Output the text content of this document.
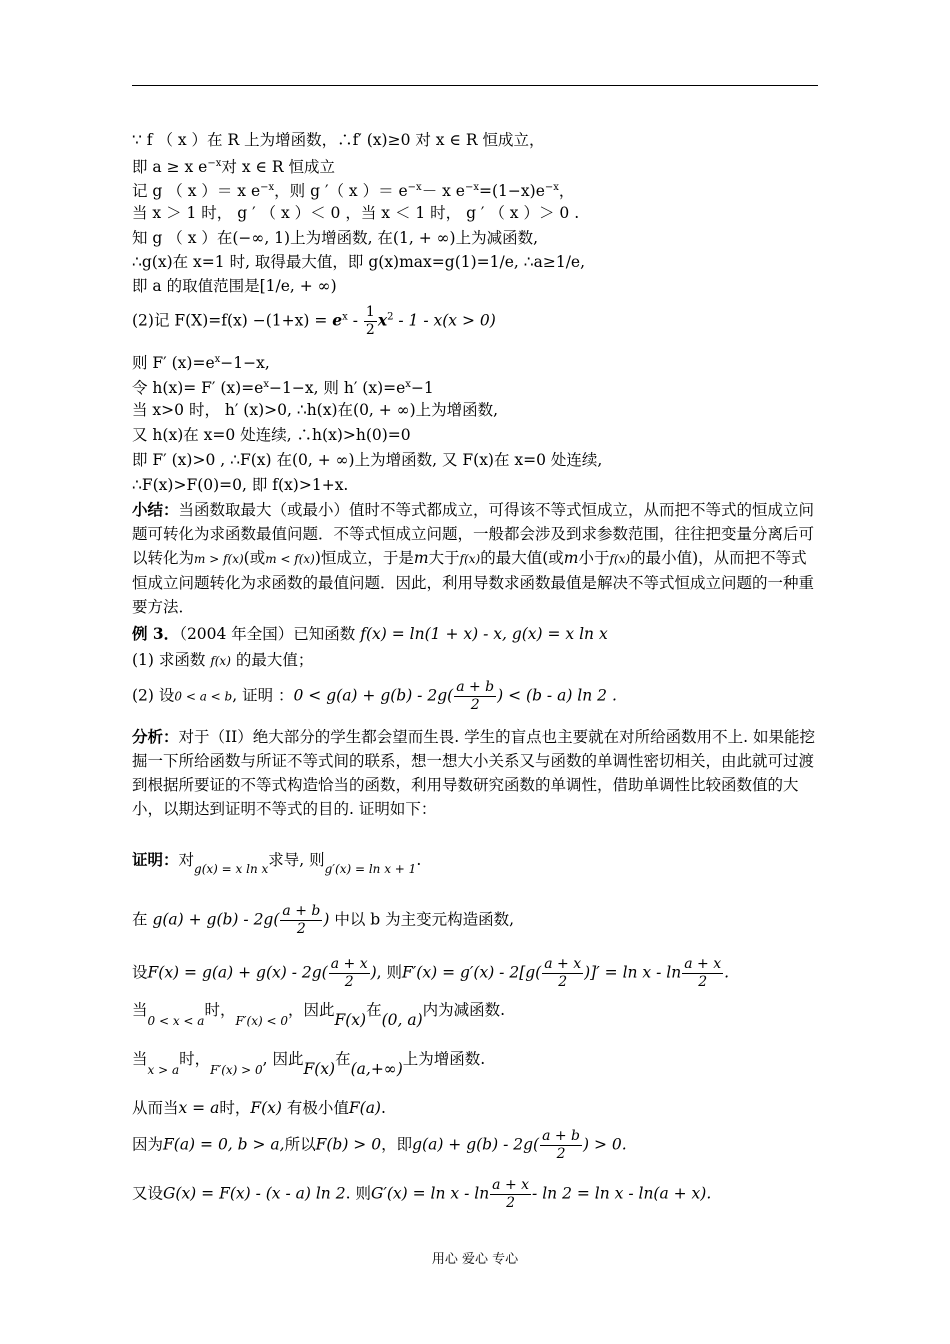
∵ f （ x ）在 R 上为增函数，∴f′ (x)≥0 对 x ∈ R 恒成立，
即 a ≥ x $e^{-x}$对 x ∈ R 恒成立
记 g （ x ）＝ x $e^{-x}$，则 g ′（ x ）＝ $e^{-x}- x$ $e^{-x}=(1-x)e^{-x}$，
当 x ＞ 1 时， g ′ （ x ）＜ 0 ，当 x ＜ 1 时， g ′ （ x ）＞ 0 .
知 g （ x ）在(−∞, 1)上为增函数, 在(1, + ∞)上为减函数,
∴g(x)在 x=1 时, 取得最大值，即 g(x)max=g(1)=1/e, ∴a≥1/e,
即 a 的取值范围是[1/e, + ∞)
(2)记 $F(X)=f(x) -(1+x) = e^x - \frac{1}{2} x^2 - 1 - x(x > 0)$
则 F′ $(x)=e^x-1-x$,
令 h(x)= F′ $(x)=e^x-1-x$, 则 h′ $(x)=e^x-1$
当 x>0 时， h′ (x)>0, ∴h(x)在(0, + ∞)上为增函数,
又 h(x)在 x=0 处连续, ∴h(x)>h(0)=0
即 F′ (x)>0 , ∴F(x) 在(0, + ∞)上为增函数, 又 F(x)在 x=0 处连续,
∴F(x)>F(0)=0, 即 f(x)>1+x.
小结：当函数取最大（或最小）值时不等式都成立，可得该不等式恒成立，从而把不等式的恒成立问题可转化为求函数最值问题．不等式恒成立问题，一般都会涉及到求参数范围，往往把变量分离后可以转化为m > f(x)(或m < f(x))恒成立，于是m大于f(x)的最大值(或m小于f(x)的最小值)，从而把不等式恒成立问题转化为求函数的最值问题．因此，利用导数求函数最值是解决不等式恒成立问题的一种重要方法．
例 3．（2004 年全国）已知函数 f(x) = ln(1 + x) - x, g(x) = x ln x
(1) 求函数 f(x) 的最大值；
(2) 设0 < a < b, 证明 ：$0 < g(a) + g(b) - 2g( \frac{a + b}{2}$ ) < (b - a) ln 2 .
分析：对于（II）绝大部分的学生都会望而生畏. 学生的盲点也主要就在对所给函数用不上. 如果能挖掘一下所给函数与所证不等式间的联系，想一想大小关系又与函数的单调性密切相关，由此就可过渡到根据所要证的不等式构造恰当的函数，利用导数研究函数的单调性，借助单调性比较函数值的大小，以期达到证明不等式的目的. 证明如下：
证明：对$_{g(x) = x ln x}$求导, 则$_{g'(x) = ln x + 1}$.
在 $g(a) + g(b) - 2g( \frac{a + b}{2}$ ) 中以 b 为主变元构造函数,
设$F(x) = g(a) + g(x) - 2g( \frac{a + x}{2}$ ), 则$F'(x) = g'(x) - 2[g( \frac{a + x}{2}$ )]′ = ln x - $\ln \frac{a + x}{2}$ .
当$_{0 < x < a}$时，$_{F'(x) < 0}$，因此F(x)在(0, a)内为减函数.
当$_{x > a}$时，$_{F'(x) > 0}$, 因此F(x)在(a,+∞)上为增函数.
从而当x = a时，F(x) 有极小值F(a).
因为F(a) = 0, b > a,所以F(b) > 0，即$g(a) + g(b) - 2g( \frac{a + b}{2}$ ) > 0.
又设G(x) = F(x) - (x - a) ln 2. 则$G'(x) = \ln x - \ln \frac{a + x}{2} - \ln 2 = \ln x - \ln(a + x)$.
用心 爱心 专心
